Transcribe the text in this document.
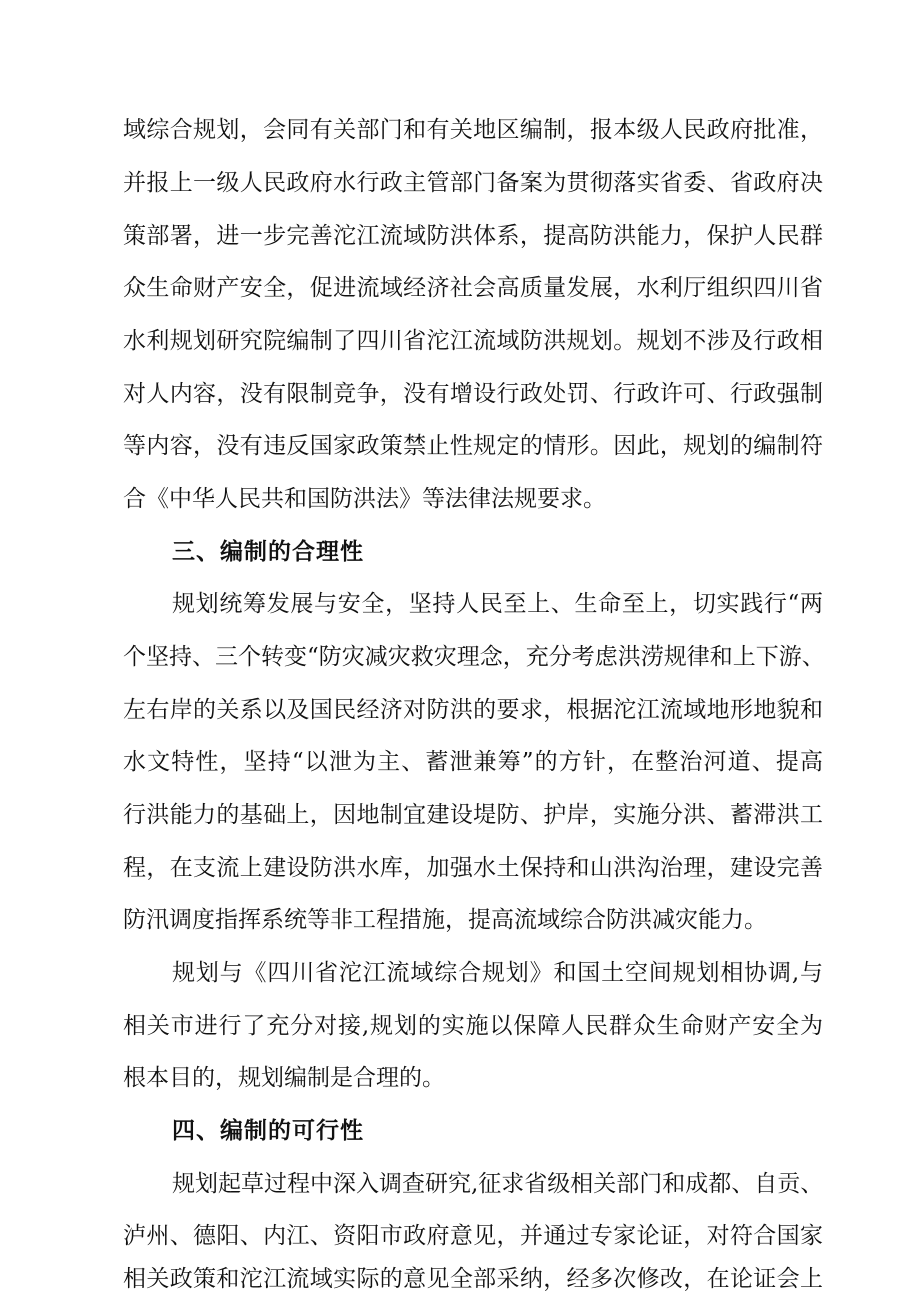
域综合规划，会同有关部门和有关地区编制，报本级人民政府批准，
并报上一级人民政府水行政主管部门备案为贯彻落实省委、省政府决
策部署，进一步完善沱江流域防洪体系，提高防洪能力，保护人民群
众生命财产安全，促进流域经济社会高质量发展，水利厅组织四川省
水利规划研究院编制了四川省沱江流域防洪规划。规划不涉及行政相
对人内容，没有限制竞争，没有增设行政处罚、行政许可、行政强制
等内容，没有违反国家政策禁止性规定的情形。因此，规划的编制符
合《中华人民共和国防洪法》等法律法规要求。
三、编制的合理性
规划统筹发展与安全，坚持人民至上、生命至上，切实践行“两
个坚持、三个转变“防灾减灾救灾理念，充分考虑洪涝规律和上下游、
左右岸的关系以及国民经济对防洪的要求，根据沱江流域地形地貌和
水文特性，坚持“以泄为主、蓄泄兼筹”的方针，在整治河道、提高
行洪能力的基础上，因地制宜建设堤防、护岸，实施分洪、蓄滞洪工
程，在支流上建设防洪水库，加强水土保持和山洪沟治理，建设完善
防汛调度指挥系统等非工程措施，提高流域综合防洪减灾能力。
规划与《四川省沱江流域综合规划》和国土空间规划相协调,与
相关市进行了充分对接,规划的实施以保障人民群众生命财产安全为
根本目的，规划编制是合理的。
四、编制的可行性
规划起草过程中深入调查研究,征求省级相关部门和成都、自贡、
泸州、德阳、内江、资阳市政府意见，并通过专家论证，对符合国家
相关政策和沱江流域实际的意见全部采纳，经多次修改，在论证会上
